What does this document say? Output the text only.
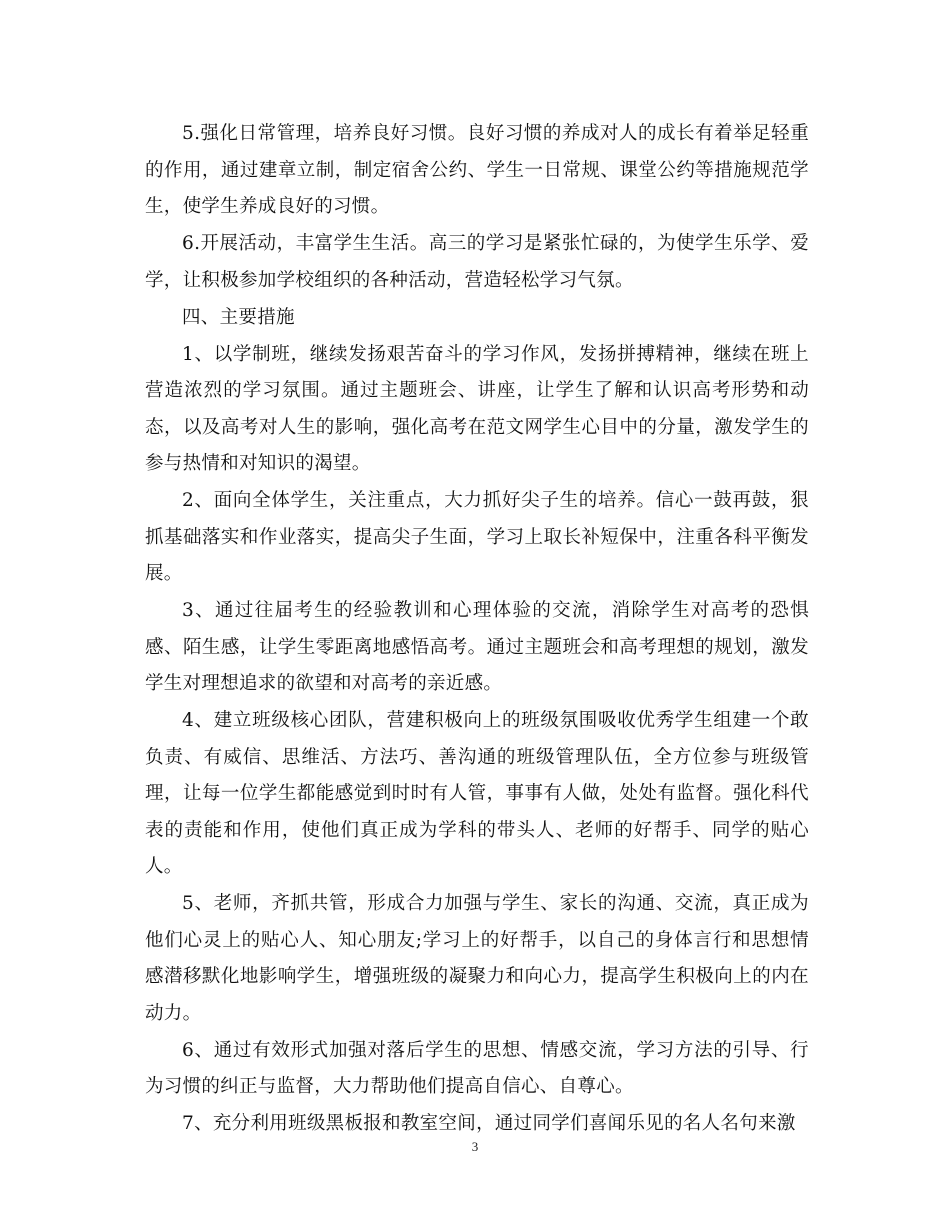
5.强化日常管理，培养良好习惯。良好习惯的养成对人的成长有着举足轻重的作用，通过建章立制，制定宿舍公约、学生一日常规、课堂公约等措施规范学生，使学生养成良好的习惯。

6.开展活动，丰富学生生活。高三的学习是紧张忙碌的，为使学生乐学、爱学，让积极参加学校组织的各种活动，营造轻松学习气氛。

四、主要措施

1、以学制班，继续发扬艰苦奋斗的学习作风，发扬拼搏精神，继续在班上营造浓烈的学习氛围。通过主题班会、讲座，让学生了解和认识高考形势和动态，以及高考对人生的影响，强化高考在范文网学生心目中的分量，激发学生的参与热情和对知识的渴望。

2、面向全体学生，关注重点，大力抓好尖子生的培养。信心一鼓再鼓，狠抓基础落实和作业落实，提高尖子生面，学习上取长补短保中，注重各科平衡发展。

3、通过往届考生的经验教训和心理体验的交流，消除学生对高考的恐惧感、陌生感，让学生零距离地感悟高考。通过主题班会和高考理想的规划，激发学生对理想追求的欲望和对高考的亲近感。

4、建立班级核心团队，营建积极向上的班级氛围吸收优秀学生组建一个敢负责、有威信、思维活、方法巧、善沟通的班级管理队伍，全方位参与班级管理，让每一位学生都能感觉到时时有人管，事事有人做，处处有监督。强化科代表的责能和作用，使他们真正成为学科的带头人、老师的好帮手、同学的贴心人。

5、老师，齐抓共管，形成合力加强与学生、家长的沟通、交流，真正成为他们心灵上的贴心人、知心朋友;学习上的好帮手，以自己的身体言行和思想情感潜移默化地影响学生，增强班级的凝聚力和向心力，提高学生积极向上的内在动力。

6、通过有效形式加强对落后学生的思想、情感交流，学习方法的引导、行为习惯的纠正与监督，大力帮助他们提高自信心、自尊心。

7、充分利用班级黑板报和教室空间，通过同学们喜闻乐见的名人名句来激

3
